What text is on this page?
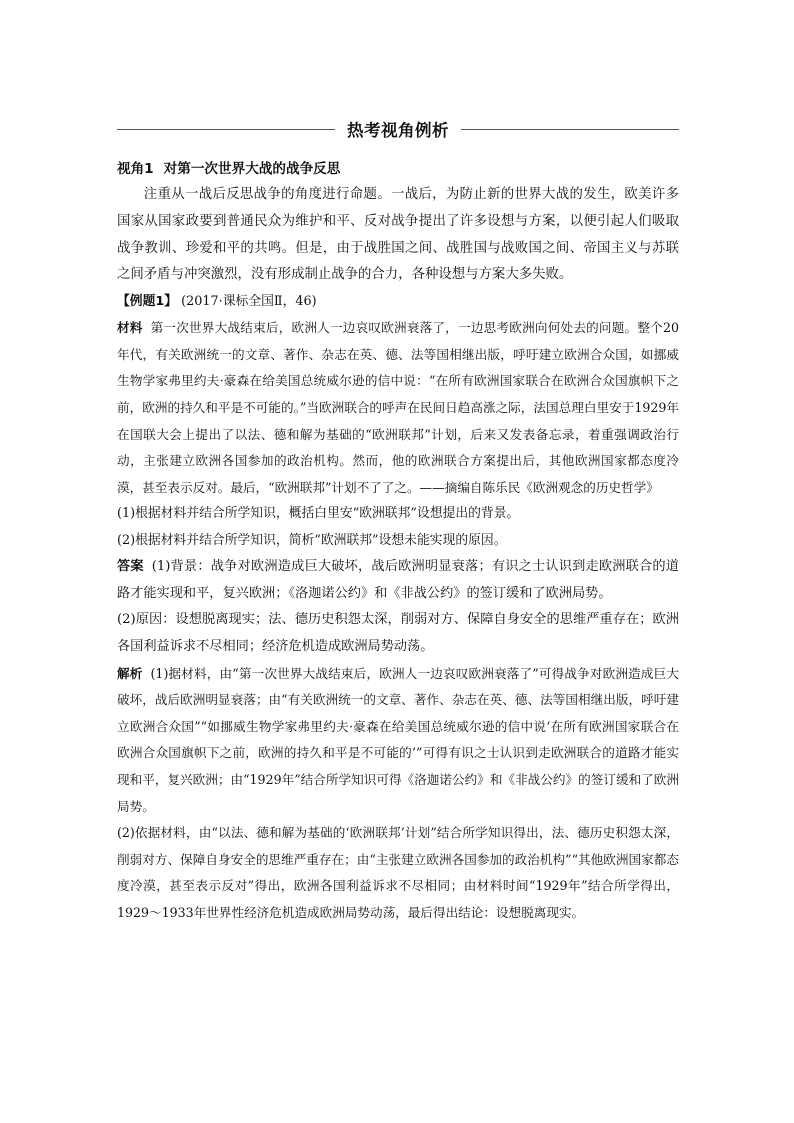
热考视角例析

视角1 对第一次世界大战的战争反思

注重从一战后反思战争的角度进行命题。一战后，为防止新的世界大战的发生，欧美许多国家从国家政要到普通民众为维护和平、反对战争提出了许多设想与方案，以便引起人们吸取战争教训、珍爱和平的共鸣。但是，由于战胜国之间、战胜国与战败国之间、帝国主义与苏联之间矛盾与冲突激烈，没有形成制止战争的合力，各种设想与方案大多失败。

【例题1】 (2017·课标全国Ⅱ，46)

材料 第一次世界大战结束后，欧洲人一边哀叹欧洲衰落了，一边思考欧洲向何处去的问题。整个20年代，有关欧洲统一的文章、著作、杂志在英、德、法等国相继出版，呼吁建立欧洲合众国，如挪威生物学家弗里约夫·豪森在给美国总统威尔逊的信中说：“在所有欧洲国家联合在欧洲合众国旗帜下之前，欧洲的持久和平是不可能的。”当欧洲联合的呼声在民间日趋高涨之际，法国总理白里安于1929年在国联大会上提出了以法、德和解为基础的“欧洲联邦”计划，后来又发表备忘录，着重强调政治行动，主张建立欧洲各国参加的政治机构。然而，他的欧洲联合方案提出后，其他欧洲国家都态度冷漠，甚至表示反对。最后，“欧洲联邦”计划不了了之。——摘编自陈乐民《欧洲观念的历史哲学》

(1)根据材料并结合所学知识，概括白里安“欧洲联邦”设想提出的背景。

(2)根据材料并结合所学知识，简析“欧洲联邦”设想未能实现的原因。

答案 (1)背景：战争对欧洲造成巨大破坏，战后欧洲明显衰落；有识之士认识到走欧洲联合的道路才能实现和平，复兴欧洲；《洛迦诺公约》和《非战公约》的签订缓和了欧洲局势。

(2)原因：设想脱离现实；法、德历史积怨太深，削弱对方、保障自身安全的思维严重存在；欧洲各国利益诉求不尽相同；经济危机造成欧洲局势动荡。

解析 (1)据材料，由“第一次世界大战结束后，欧洲人一边哀叹欧洲衰落了”可得战争对欧洲造成巨大破坏，战后欧洲明显衰落；由“有关欧洲统一的文章、著作、杂志在英、德、法等国相继出版，呼吁建立欧洲合众国”“如挪威生物学家弗里约夫·豪森在给美国总统威尔逊的信中说‘在所有欧洲国家联合在欧洲合众国旗帜下之前，欧洲的持久和平是不可能的’”可得有识之士认识到走欧洲联合的道路才能实现和平，复兴欧洲；由“1929年”结合所学知识可得《洛迦诺公约》和《非战公约》的签订缓和了欧洲局势。

(2)依据材料，由“以法、德和解为基础的‘欧洲联邦’计划”结合所学知识得出，法、德历史积怨太深，削弱对方、保障自身安全的思维严重存在；由“主张建立欧洲各国参加的政治机构”“其他欧洲国家都态度冷漠，甚至表示反对”得出，欧洲各国利益诉求不尽相同；由材料时间“1929年”结合所学得出，1929～1933年世界性经济危机造成欧洲局势动荡，最后得出结论：设想脱离现实。
